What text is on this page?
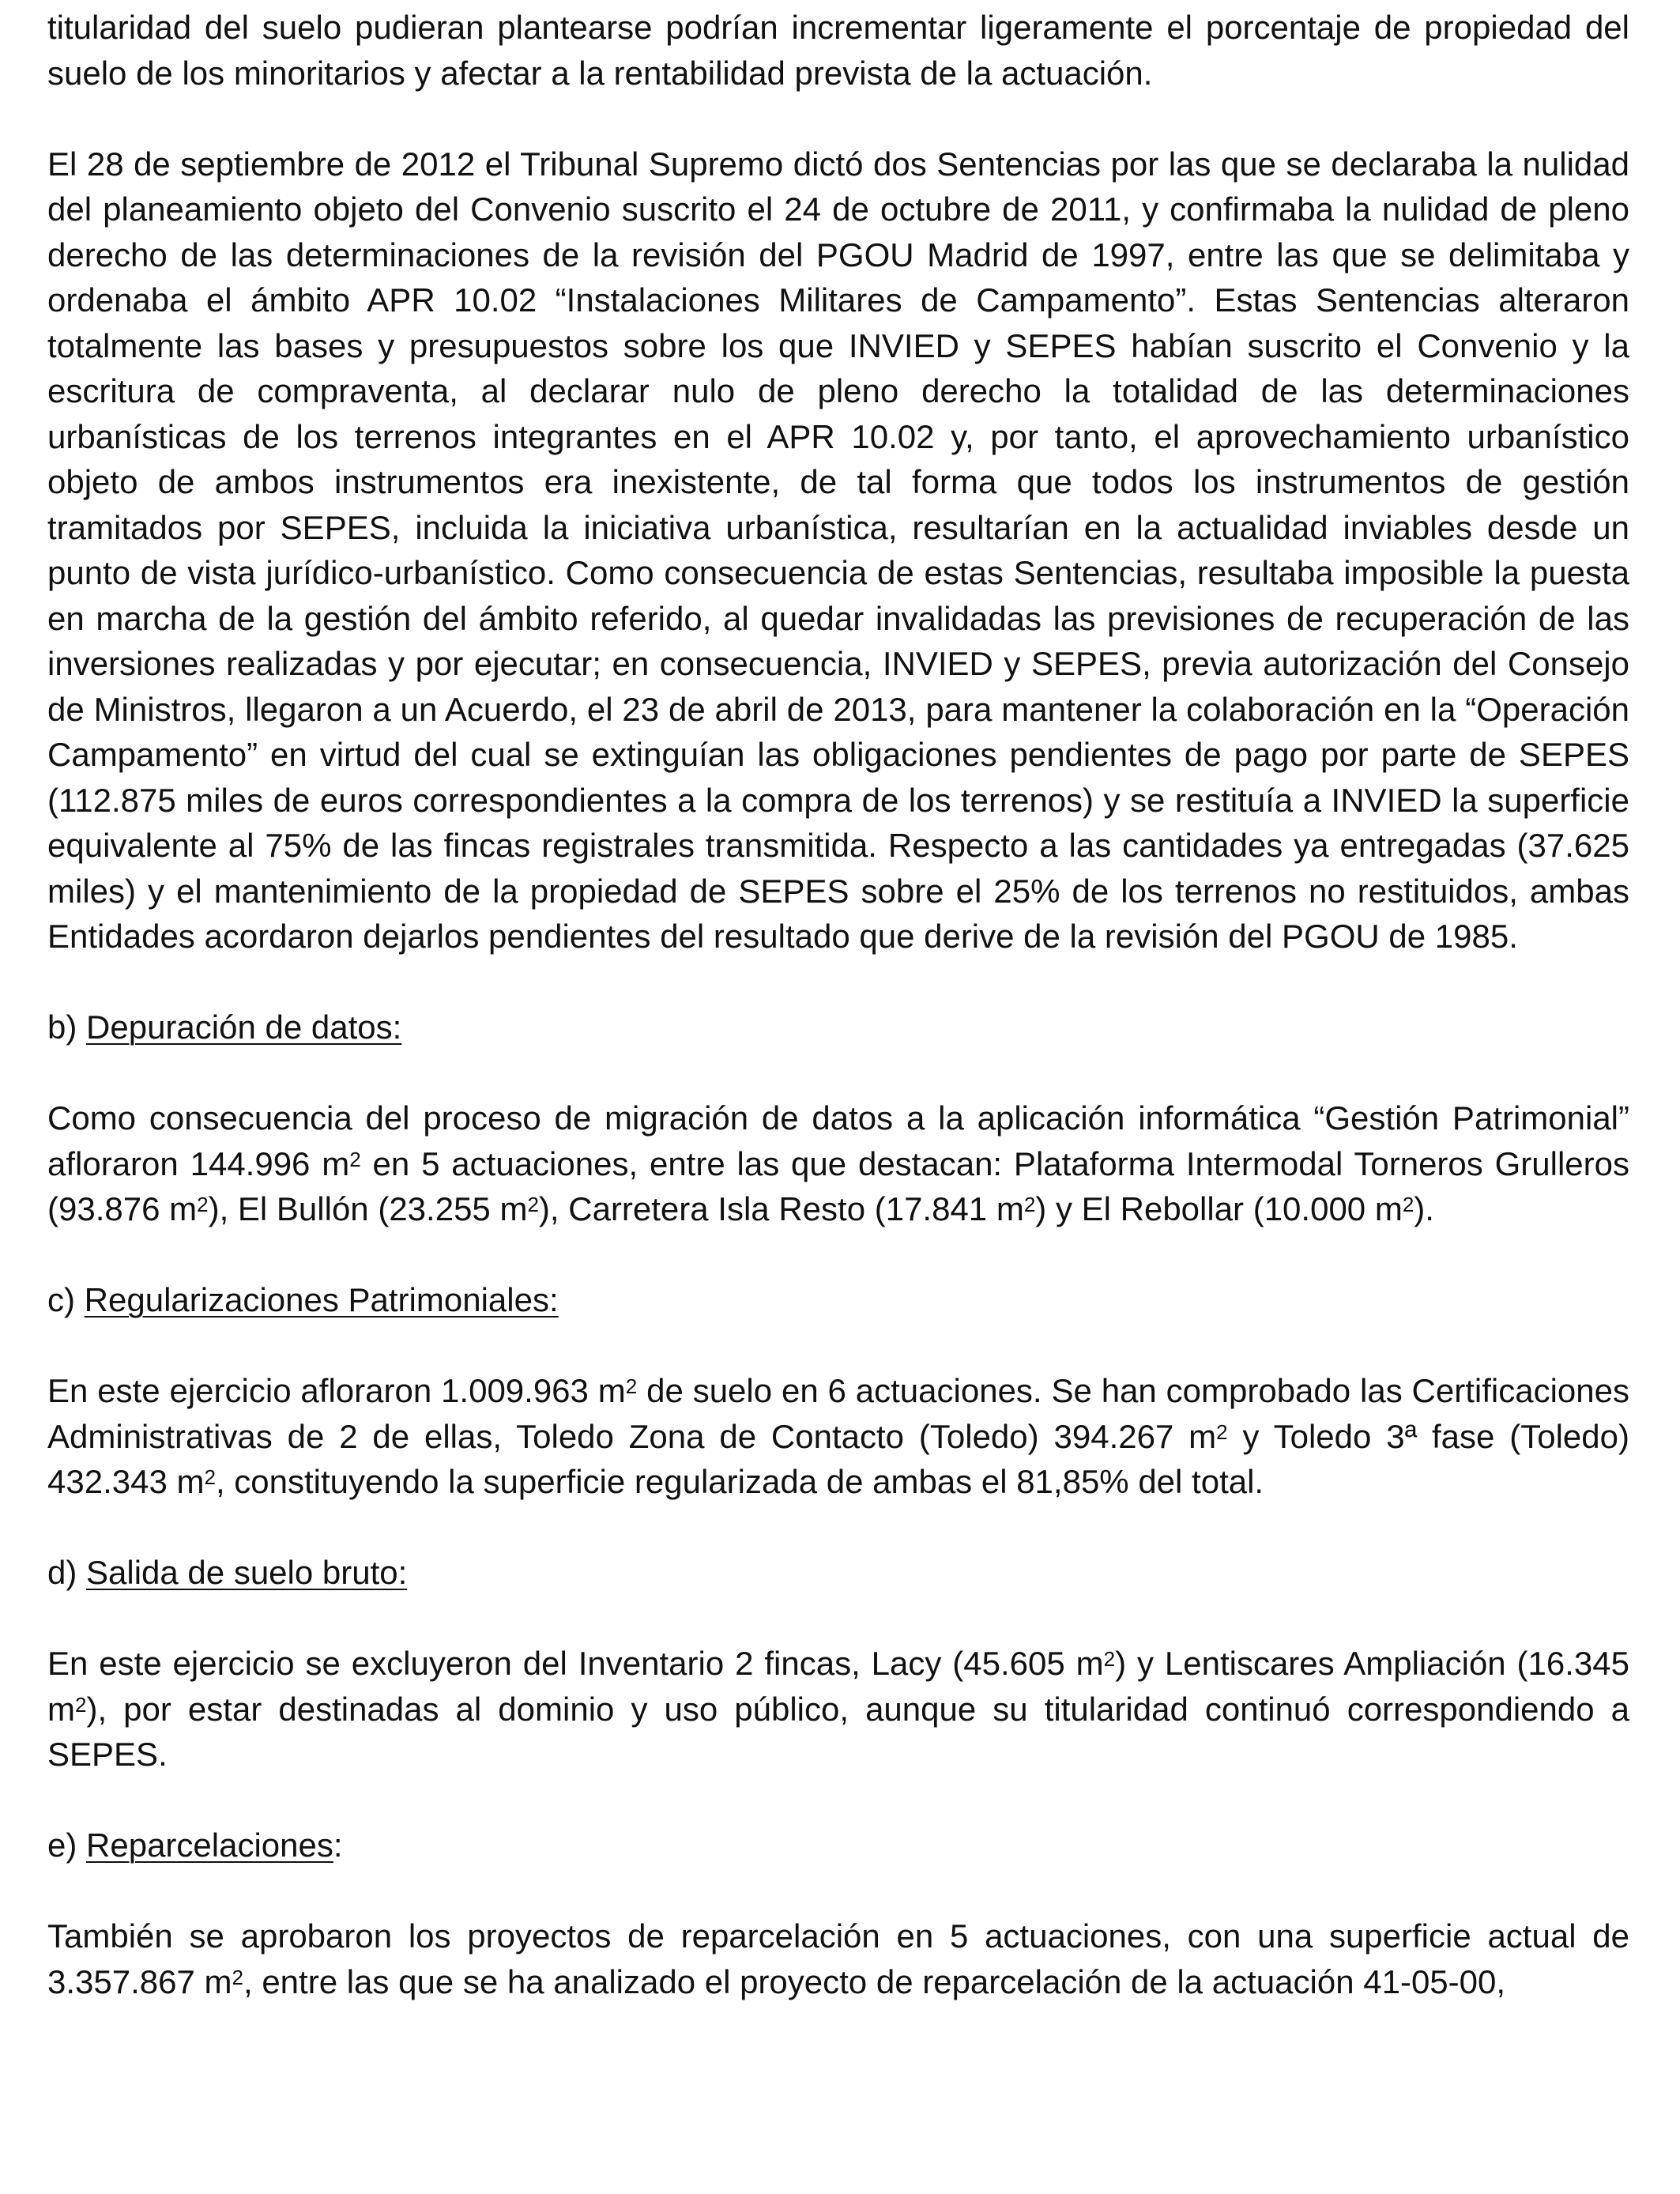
titularidad del suelo pudieran plantearse podrían incrementar ligeramente el porcentaje de propiedad del suelo de los minoritarios y afectar a la rentabilidad prevista de la actuación.

El 28 de septiembre de 2012 el Tribunal Supremo dictó dos Sentencias por las que se declaraba la nulidad del planeamiento objeto del Convenio suscrito el 24 de octubre de 2011, y confirmaba la nulidad de pleno derecho de las determinaciones de la revisión del PGOU Madrid de 1997, entre las que se delimitaba y ordenaba el ámbito APR 10.02 “Instalaciones Militares de Campamento”. Estas Sentencias alteraron totalmente las bases y presupuestos sobre los que INVIED y SEPES habían suscrito el Convenio y la escritura de compraventa, al declarar nulo de pleno derecho la totalidad de las determinaciones urbanísticas de los terrenos integrantes en el APR 10.02 y, por tanto, el aprovechamiento urbanístico objeto de ambos instrumentos era inexistente, de tal forma que todos los instrumentos de gestión tramitados por SEPES, incluida la iniciativa urbanística, resultarían en la actualidad inviables desde un punto de vista jurídico-urbanístico. Como consecuencia de estas Sentencias, resultaba imposible la puesta en marcha de la gestión del ámbito referido, al quedar invalidadas las previsiones de recuperación de las inversiones realizadas y por ejecutar; en consecuencia, INVIED y SEPES, previa autorización del Consejo de Ministros, llegaron a un Acuerdo, el 23 de abril de 2013, para mantener la colaboración en la “Operación Campamento” en virtud del cual se extinguían las obligaciones pendientes de pago por parte de SEPES (112.875 miles de euros correspondientes a la compra de los terrenos) y se restituía a INVIED la superficie equivalente al 75% de las fincas registrales transmitida. Respecto a las cantidades ya entregadas (37.625 miles) y el mantenimiento de la propiedad de SEPES sobre el 25% de los terrenos no restituidos, ambas Entidades acordaron dejarlos pendientes del resultado que derive de la revisión del PGOU de 1985.

b) Depuración de datos:

Como consecuencia del proceso de migración de datos a la aplicación informática “Gestión Patrimonial” afloraron 144.996 $m^2$ en 5 actuaciones, entre las que destacan: Plataforma Intermodal Torneros Grulleros (93.876 $m^2$), El Bullón (23.255 $m^2$), Carretera Isla Resto (17.841 $m^2$) y El Rebollar (10.000 $m^2$).

c) Regularizaciones Patrimoniales:

En este ejercicio afloraron 1.009.963 $m^2$ de suelo en 6 actuaciones. Se han comprobado las Certificaciones Administrativas de 2 de ellas, Toledo Zona de Contacto (Toledo) 394.267 $m^2$ y Toledo 3ª fase (Toledo) 432.343 $m^2$, constituyendo la superficie regularizada de ambas el 81,85% del total.

d) Salida de suelo bruto:

En este ejercicio se excluyeron del Inventario 2 fincas, Lacy (45.605 $m^2$) y Lentiscares Ampliación (16.345 $m^2$), por estar destinadas al dominio y uso público, aunque su titularidad continuó correspondiendo a SEPES.

e) Reparcelaciones:

También se aprobaron los proyectos de reparcelación en 5 actuaciones, con una superficie actual de 3.357.867 $m^2$, entre las que se ha analizado el proyecto de reparcelación de la actuación 41-05-00,
